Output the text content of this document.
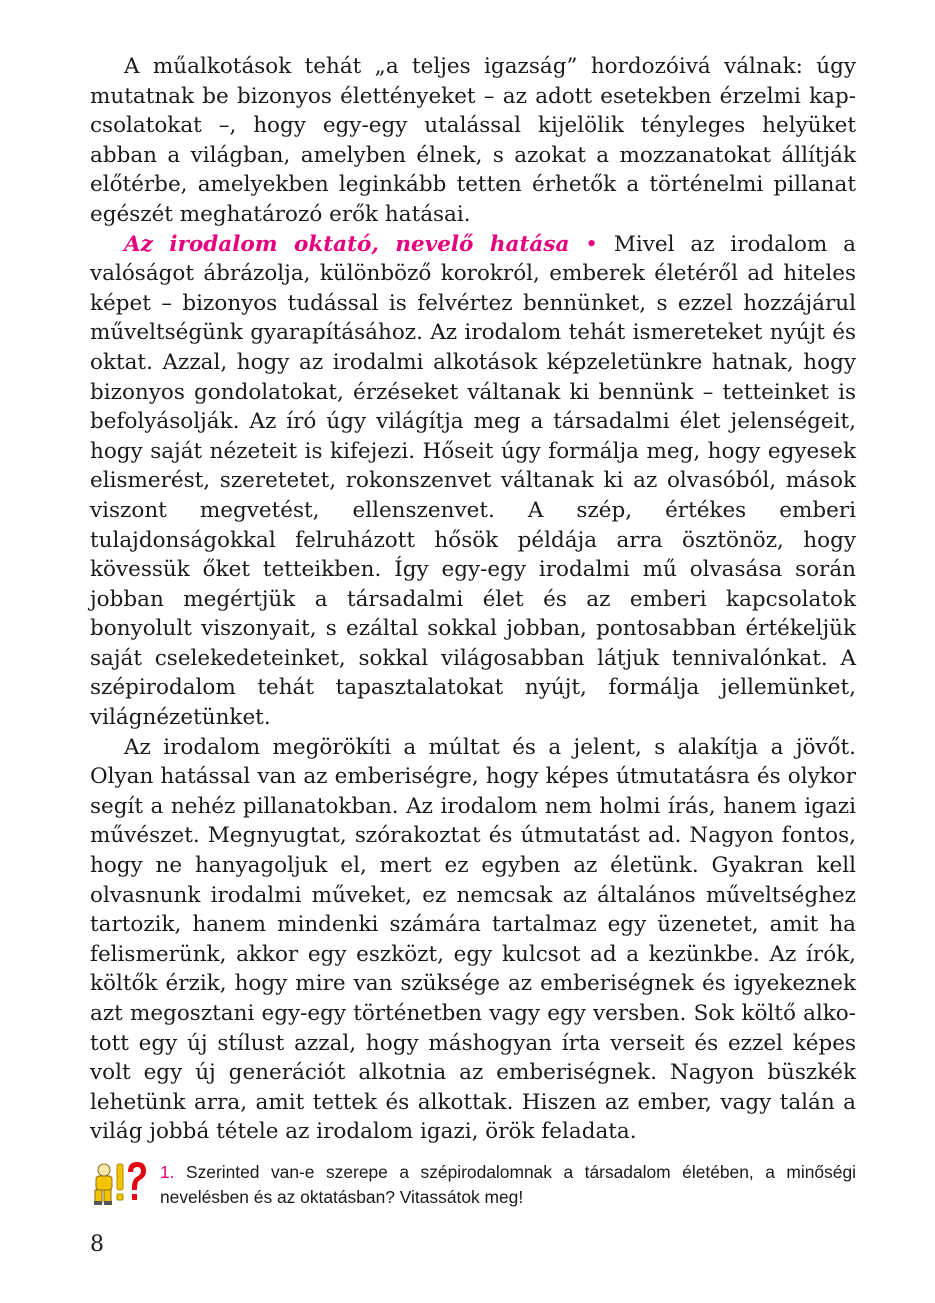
A műalkotások tehát „a teljes igazság” hordozóivá válnak: úgy mutatnak be bizonyos élettényeket – az adott esetekben érzelmi kapcsolatokat –, hogy egy-egy utalással kijelölik tényleges helyüket abban a világban, amelyben élnek, s azokat a mozzanatokat állítják előtérbe, amelyekben leginkább tetten érhetők a történelmi pillanat egészét meghatározó erők hatásai.

Az irodalom oktató, nevelő hatása • Mivel az irodalom a valóságot ábrázolja, különböző korokról, emberek életéről ad hiteles képet – bizonyos tudással is felvértez bennünket, s ezzel hozzájárul műveltségünk gyarapításához. Az irodalom tehát ismereteket nyújt és oktat. Azzal, hogy az irodalmi alkotások képzeletünkre hatnak, hogy bizonyos gondolatokat, érzéseket váltanak ki bennünk – tetteinket is befolyásolják. Az író úgy világítja meg a társadalmi élet jelenségeit, hogy saját nézeteit is kifejezi. Hőseit úgy formálja meg, hogy egyesek elismerést, szeretetet, rokonszenvet váltanak ki az olvasóból, mások viszont megvetést, ellenszenvet. A szép, értékes emberi tulajdonságokkal felruházott hősök példája arra ösztönöz, hogy kövessük őket tetteikben. Így egy-egy irodalmi mű olvasása során jobban megértjük a társadalmi élet és az emberi kapcsolatok bonyolult viszonyait, s ezáltal sokkal jobban, pontosabban értékeljük saját cselekedeteinket, sokkal világosabban látjuk tennivalónkat. A szépirodalom tehát tapasztalatokat nyújt, formálja jellemünket, világnézetünket.

Az irodalom megörökíti a múltat és a jelent, s alakítja a jövőt. Olyan hatással van az emberiségre, hogy képes útmutatásra és olykor segít a nehéz pillanatokban. Az irodalom nem holmi írás, hanem igazi művészet. Megnyugtat, szórakoztat és útmutatást ad. Nagyon fontos, hogy ne hanyagoljuk el, mert ez egyben az életünk. Gyakran kell olvasnunk irodalmi műveket, ez nemcsak az általános műveltséghez tartozik, hanem mindenki számára tartalmaz egy üzenetet, amit ha felismerünk, akkor egy eszközt, egy kulcsot ad a kezünkbe. Az írók, költők érzik, hogy mire van szüksége az emberiségnek és igyekeznek azt megosztani egy-egy történetben vagy egy versben. Sok költő alkotott egy új stílust azzal, hogy máshogyan írta verseit és ezzel képes volt egy új generációt alkotnia az emberiségnek. Nagyon büszkék lehetünk arra, amit tettek és alkottak. Hiszen az ember, vagy talán a világ jobbá tétele az irodalom igazi, örök feladata.

1. Szerinted van-e szerepe a szépirodalomnak a társadalom életében, a minőségi nevelésben és az oktatásban? Vitassátok meg!
8
